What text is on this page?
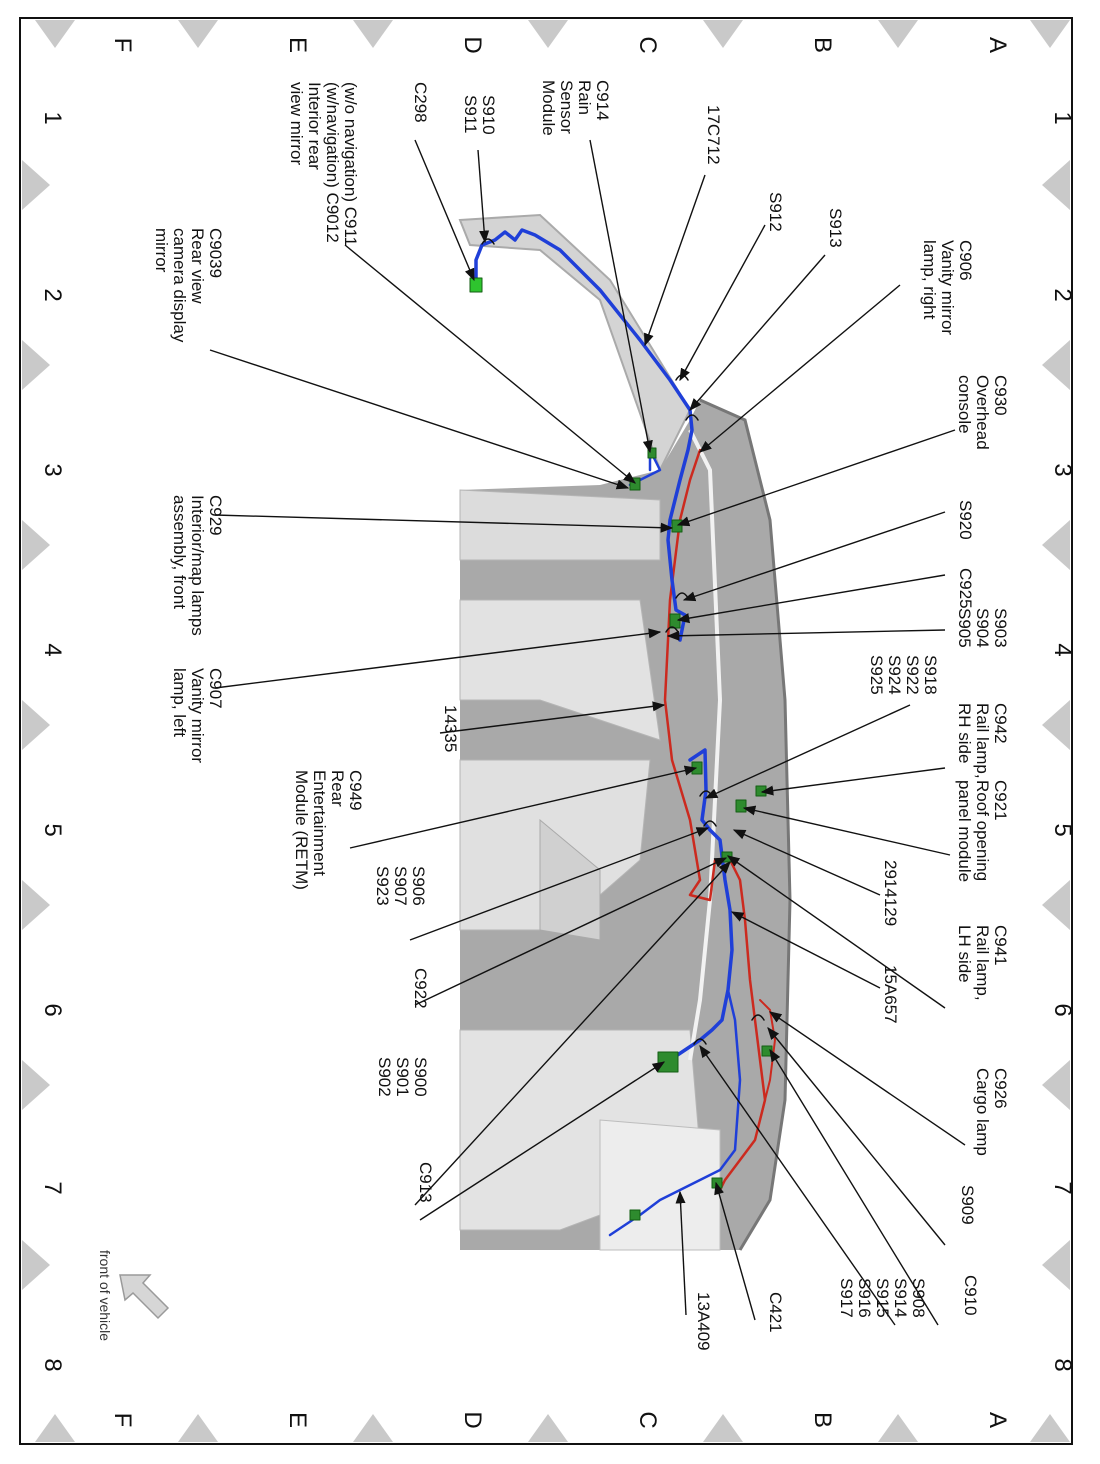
A
B
C
D
E
F
A
B
C
D
E
F
1
2
3
4
5
6
7
8
1
2
3
4
5
6
7
8
front of vehicle
C906
Vanity mirror
lamp, right
S913
S912
17C712
C914
Rain
Sensor
Module
S910
S911
C298
(w/o navigation) C911
(w/navigation) C9012
Interior rear
view mirror
C9039
Rear view
camera display
mirror
C930
Overhead
console
S920
C929
Interior/map lamps
assembly, front	C925
S903
S904
S905
C907
Vanity mirror
lamp, left	S918
S922
S924
S925
14335	C942
Rail lamp,
RH side
C921
Roof opening
panel module
C949
Rear
Entertainment
Module (RETM)
2914129
S906
S907
S923
C941
Rail lamp,
LH side
C922	15A657
S900
S901
S902	C926
Cargo lamp
C913
S909
C910
S908
S914
S915
S916
S917
C421
13A409
